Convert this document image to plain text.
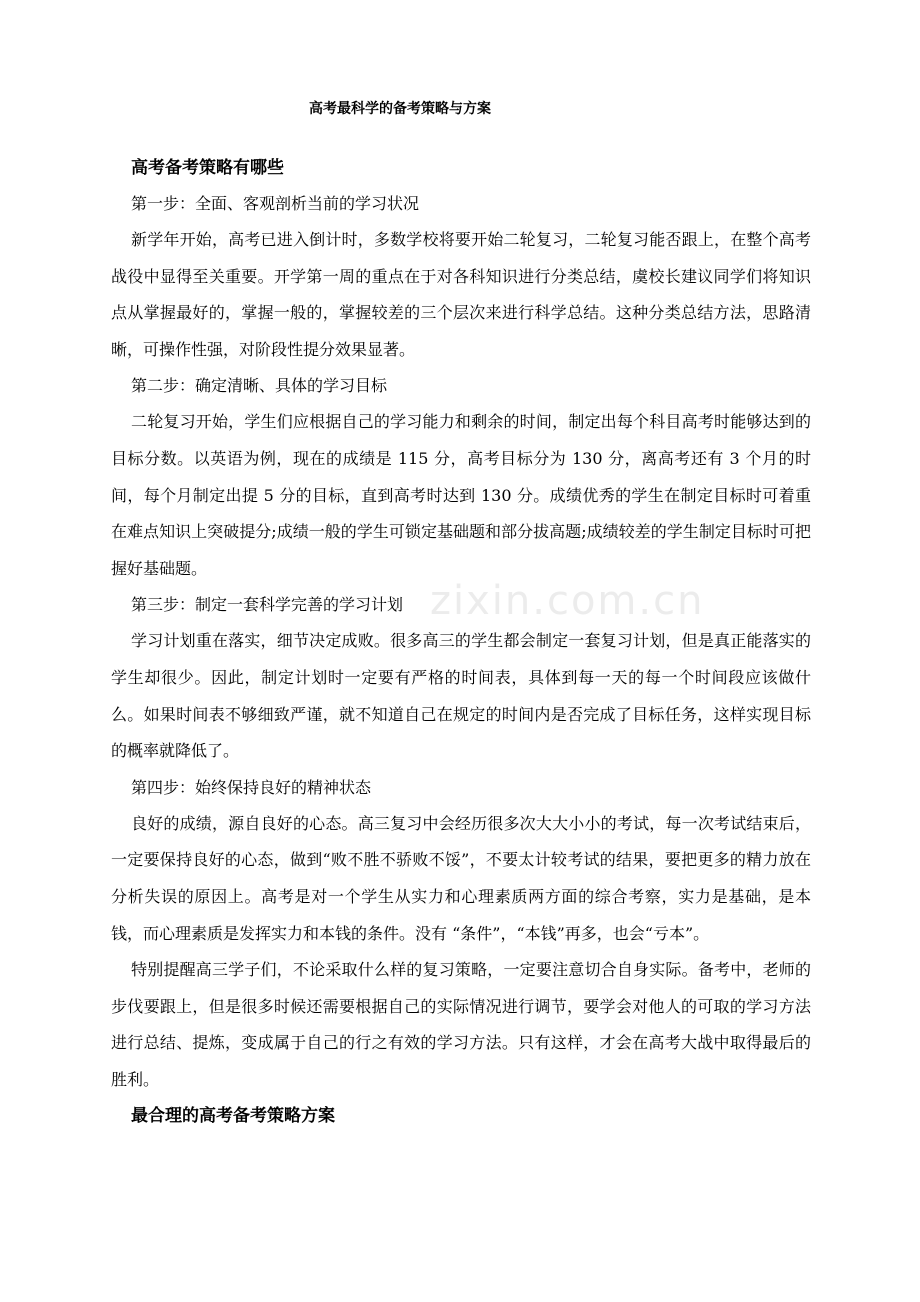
高考最科学的备考策略与方案
zixin.com.cn
高考备考策略有哪些
第一步：全面、客观剖析当前的学习状况

新学年开始，高考已进入倒计时，多数学校将要开始二轮复习，二轮复习能否跟上，在整个高考战役中显得至关重要。开学第一周的重点在于对各科知识进行分类总结，虞校长建议同学们将知识点从掌握最好的，掌握一般的，掌握较差的三个层次来进行科学总结。这种分类总结方法，思路清晰，可操作性强，对阶段性提分效果显著。

第二步：确定清晰、具体的学习目标

二轮复习开始，学生们应根据自己的学习能力和剩余的时间，制定出每个科目高考时能够达到的目标分数。以英语为例，现在的成绩是 115 分，高考目标分为 130 分，离高考还有 3 个月的时间，每个月制定出提 5 分的目标，直到高考时达到 130 分。成绩优秀的学生在制定目标时可着重在难点知识上突破提分;成绩一般的学生可锁定基础题和部分拔高题;成绩较差的学生制定目标时可把握好基础题。

第三步：制定一套科学完善的学习计划

学习计划重在落实，细节决定成败。很多高三的学生都会制定一套复习计划，但是真正能落实的学生却很少。因此，制定计划时一定要有严格的时间表，具体到每一天的每一个时间段应该做什么。如果时间表不够细致严谨，就不知道自己在规定的时间内是否完成了目标任务，这样实现目标的概率就降低了。

第四步：始终保持良好的精神状态

良好的成绩，源自良好的心态。高三复习中会经历很多次大大小小的考试，每一次考试结束后，一定要保持良好的心态，做到“败不胜不骄败不馁”，不要太计较考试的结果，要把更多的精力放在分析失误的原因上。高考是对一个学生从实力和心理素质两方面的综合考察，实力是基础，是本钱，而心理素质是发挥实力和本钱的条件。没有 “条件”，“本钱”再多，也会“亏本”。

特别提醒高三学子们，不论采取什么样的复习策略，一定要注意切合自身实际。备考中，老师的步伐要跟上，但是很多时候还需要根据自己的实际情况进行调节，要学会对他人的可取的学习方法进行总结、提炼，变成属于自己的行之有效的学习方法。只有这样，才会在高考大战中取得最后的胜利。

最合理的高考备考策略方案
